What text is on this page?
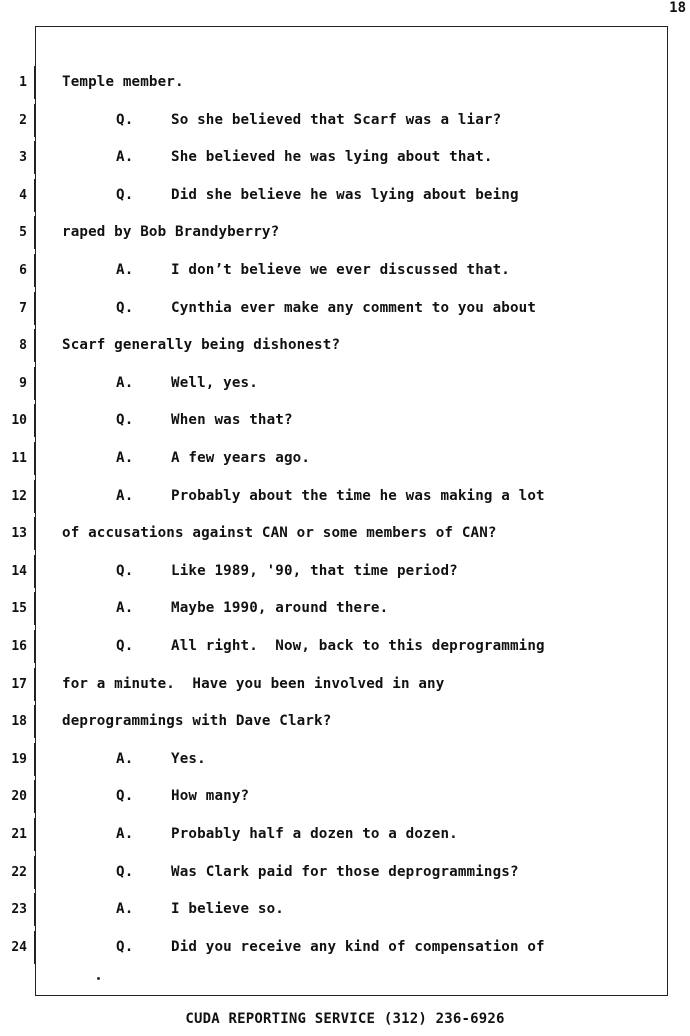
18
1 Temple member.
2	Q.	So she believed that Scarf was a liar?
3	A.	She believed he was lying about that.
4	Q.	Did she believe he was lying about being
5 raped by Bob Brandyberry?
6	A.	I don’t believe we ever discussed that.
7	Q.	Cynthia ever make any comment to you about
8 Scarf generally being dishonest?
9	A.	Well, yes.
10	Q.	When was that?
11	A.	A few years ago.
12	A.	Probably about the time he was making a lot
13 of accusations against CAN or some members of CAN?
14	Q.	Like 1989, '90, that time period?
15	A.	Maybe 1990, around there.
16	Q.	All right.  Now, back to this deprogramming
17 for a minute.  Have you been involved in any
18 deprogrammings with Dave Clark?
19	A.	Yes.
20	Q.	How many?
21	A.	Probably half a dozen to a dozen.
22	Q.	Was Clark paid for those deprogrammings?
23	A.	I believe so.
24	Q.	Did you receive any kind of compensation of
CUDA REPORTING SERVICE (312) 236-6926
